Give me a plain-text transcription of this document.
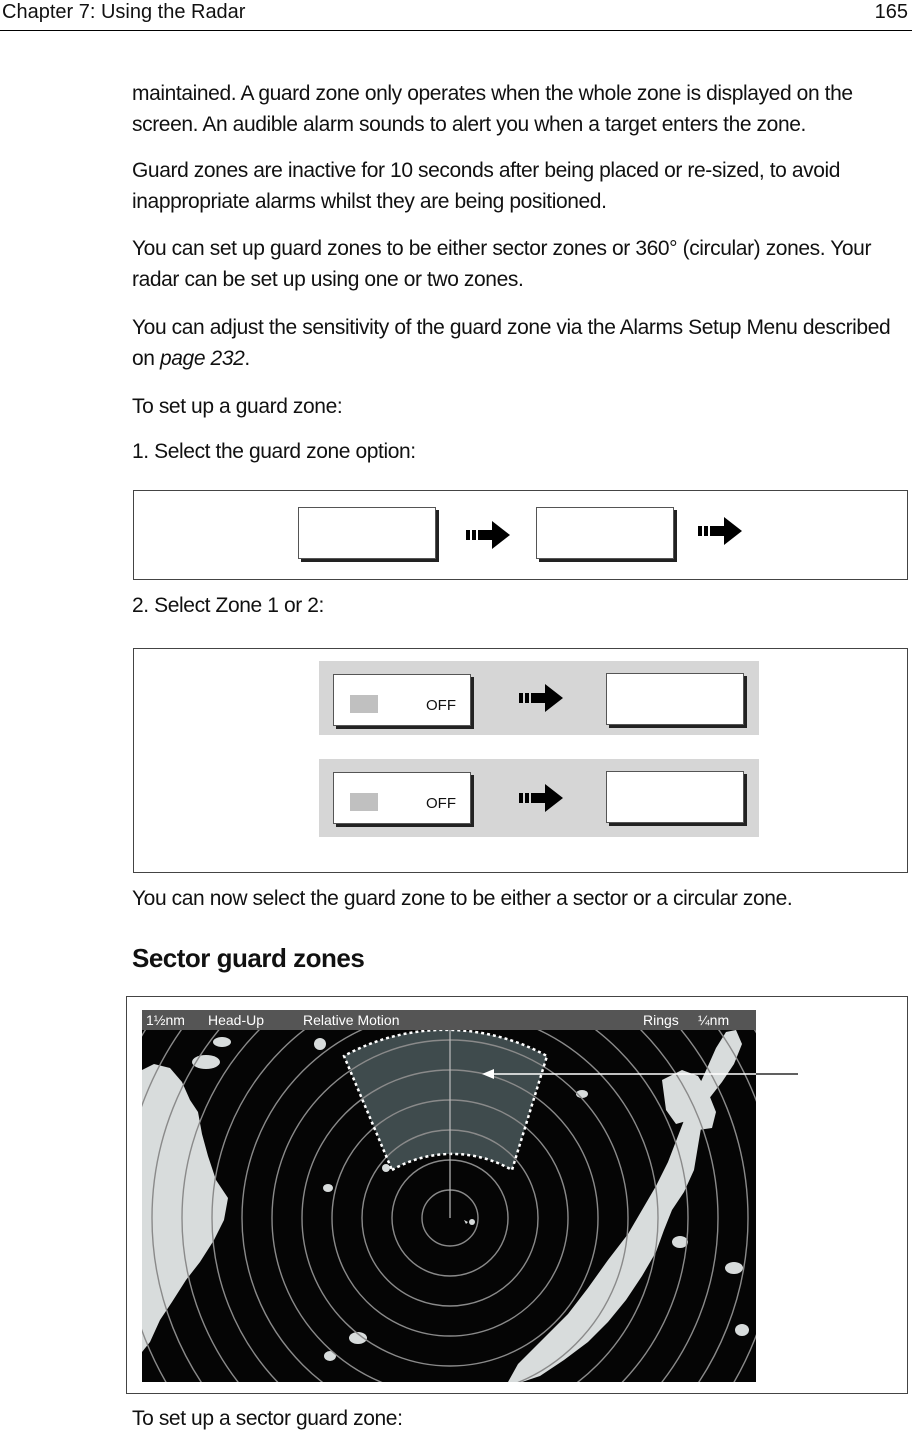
Chapter 7: Using the Radar	165

maintained. A guard zone only operates when the whole zone is displayed on the screen. An audible alarm sounds to alert you when a target enters the zone.

Guard zones are inactive for 10 seconds after being placed or re-sized, to avoid inappropriate alarms whilst they are being positioned.

You can set up guard zones to be either sector zones or 360° (circular) zones. Your radar can be set up using one or two zones.

You can adjust the sensitivity of the guard zone via the Alarms Setup Menu described on page 232.

To set up a guard zone:

1. Select the guard zone option:

2. Select Zone 1 or 2:

OFF
OFF

You can now select the guard zone to be either a sector or a circular zone.

Sector guard zones
1½nm Head-Up	Relative Motion	Rings ¼nm

To set up a sector guard zone:
